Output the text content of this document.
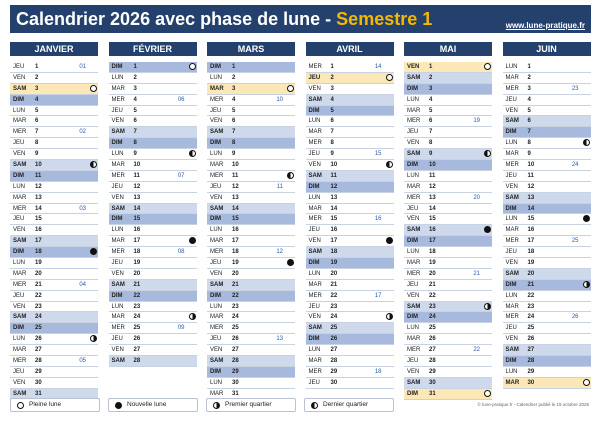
Calendrier 2026 avec phase de lune - Semestre 1	www.lune-pratique.fr
JANVIER
JEU 1	01
VEN 2
SAM 3
DIM 4
LUN 5
MAR 6
MER 7	02
JEU 8
VEN 9
SAM 10
DIM 11
LUN 12
MAR 13
MER 14	03
JEU 15
VEN 16
SAM 17
DIM 18
LUN 19
MAR 20
MER 21	04
JEU 22
VEN 23
SAM 24
DIM 25
LUN 26
MAR 27
MER 28	05
JEU 29
VEN 30
SAM 31
FÉVRIER
DIM 1
LUN 2
MAR 3
MER 4	06
JEU 5
VEN 6
SAM 7
DIM 8
LUN 9
MAR 10
MER 11	07
JEU 12
VEN 13
SAM 14
DIM 15
LUN 16
MAR 17
MER 18	08
JEU 19
VEN 20
SAM 21
DIM 22
LUN 23
MAR 24
MER 25	09
JEU 26
VEN 27
SAM 28
MARS
DIM 1
LUN 2
MAR 3
MER 4	10
JEU 5
VEN 6
SAM 7
DIM 8
LUN 9
MAR 10
MER 11
JEU 12	11
VEN 13
SAM 14
DIM 15
LUN 16
MAR 17
MER 18	12
JEU 19
VEN 20
SAM 21
DIM 22
LUN 23
MAR 24
MER 25
JEU 26	13
VEN 27
SAM 28
DIM 29
LUN 30
MAR 31
AVRIL
MER 1	14
JEU 2
VEN 3
SAM 4
DIM 5
LUN 6
MAR 7
MER 8
JEU 9	15
VEN 10
SAM 11
DIM 12
LUN 13
MAR 14
MER 15	16
JEU 16
VEN 17
SAM 18
DIM 19
LUN 20
MAR 21
MER 22	17
JEU 23
VEN 24
SAM 25
DIM 26
LUN 27
MAR 28
MER 29	18
JEU 30
MAI
VEN 1
SAM 2
DIM 3
LUN 4
MAR 5
MER 6	19
JEU 7
VEN 8
SAM 9
DIM 10
LUN 11
MAR 12
MER 13	20
JEU 14
VEN 15
SAM 16
DIM 17
LUN 18
MAR 19
MER 20	21
JEU 21
VEN 22
SAM 23
DIM 24
LUN 25
MAR 26
MER 27	22
JEU 28
VEN 29
SAM 30
DIM 31
JUIN
LUN 1
MAR 2
MER 3	23
JEU 4
VEN 5
SAM 6
DIM 7
LUN 8
MAR 9
MER 10	24
JEU 11
VEN 12
SAM 13
DIM 14
LUN 15
MAR 16
MER 17	25
JEU 18
VEN 19
SAM 20
DIM 21
LUN 22
MAR 23
MER 24	26
JEU 25
VEN 26
SAM 27
DIM 28
LUN 29
MAR 30
Pleine lune	Nouvelle lune	Premier quartier	Dernier quartier	© lune-pratique.fr - Calendrier publié le 19 octobre 2025
